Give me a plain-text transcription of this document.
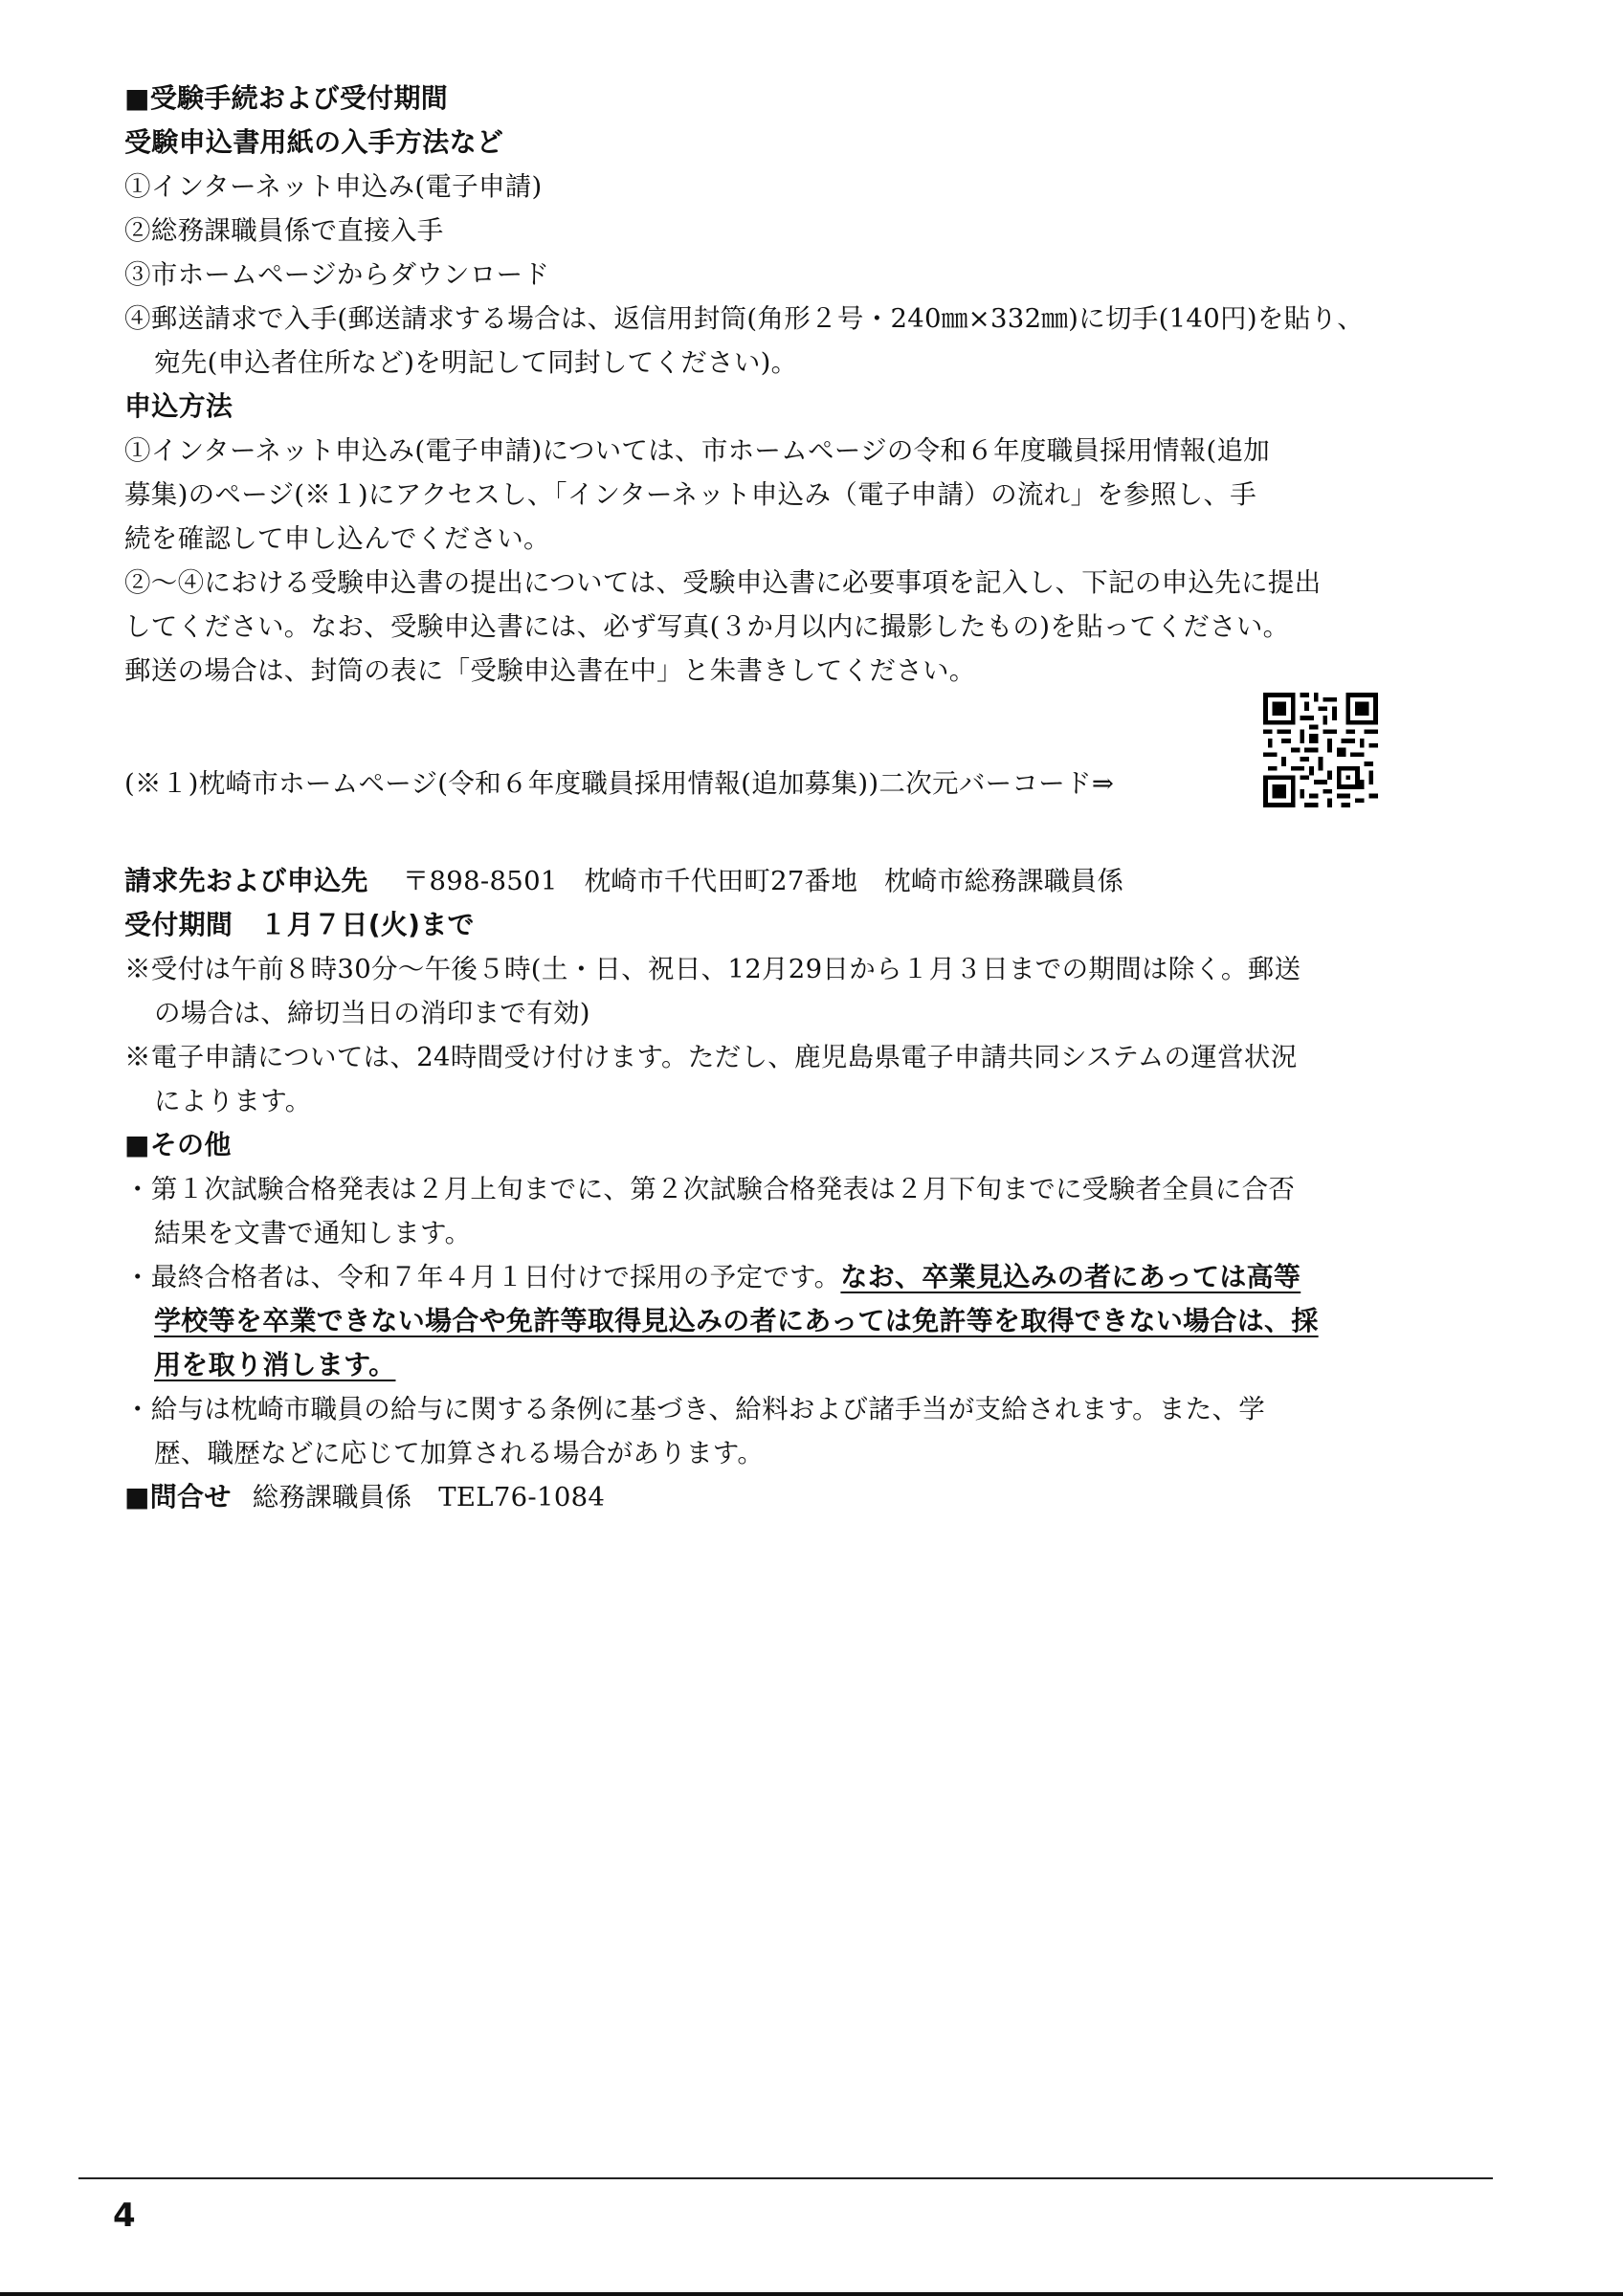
■受験手続および受付期間
受験申込書用紙の入手方法など
①インターネット申込み(電子申請)
②総務課職員係で直接入手
③市ホームページからダウンロード
④郵送請求で入手(郵送請求する場合は、返信用封筒(角形２号・240㎜×332㎜)に切手(140円)を貼り、
宛先(申込者住所など)を明記して同封してください)。
申込方法
①インターネット申込み(電子申請)については、市ホームページの令和６年度職員採用情報(追加
募集)のページ(※１)にアクセスし、「インターネット申込み（電子申請）の流れ」を参照し、手
続を確認して申し込んでください。
②～④における受験申込書の提出については、受験申込書に必要事項を記入し、下記の申込先に提出
してください。なお、受験申込書には、必ず写真(３か月以内に撮影したもの)を貼ってください。
郵送の場合は、封筒の表に「受験申込書在中」と朱書きしてください。
(※１)枕崎市ホームページ(令和６年度職員採用情報(追加募集))二次元バーコード⇒
請求先および申込先 〒898-8501　枕崎市千代田町27番地　枕崎市総務課職員係
受付期間　１月７日(火)まで
※受付は午前８時30分～午後５時(土・日、祝日、12月29日から１月３日までの期間は除く。郵送
の場合は、締切当日の消印まで有効)
※電子申請については、24時間受け付けます。ただし、鹿児島県電子申請共同システムの運営状況
によります。
■その他
・第１次試験合格発表は２月上旬までに、第２次試験合格発表は２月下旬までに受験者全員に合否
結果を文書で通知します。
・最終合格者は、令和７年４月１日付けで採用の予定です。なお、卒業見込みの者にあっては高等
学校等を卒業できない場合や免許等取得見込みの者にあっては免許等を取得できない場合は、採
用を取り消します。
・給与は枕崎市職員の給与に関する条例に基づき、給料および諸手当が支給されます。また、学
歴、職歴などに応じて加算される場合があります。
■問合せ 総務課職員係　TEL76-1084
4
